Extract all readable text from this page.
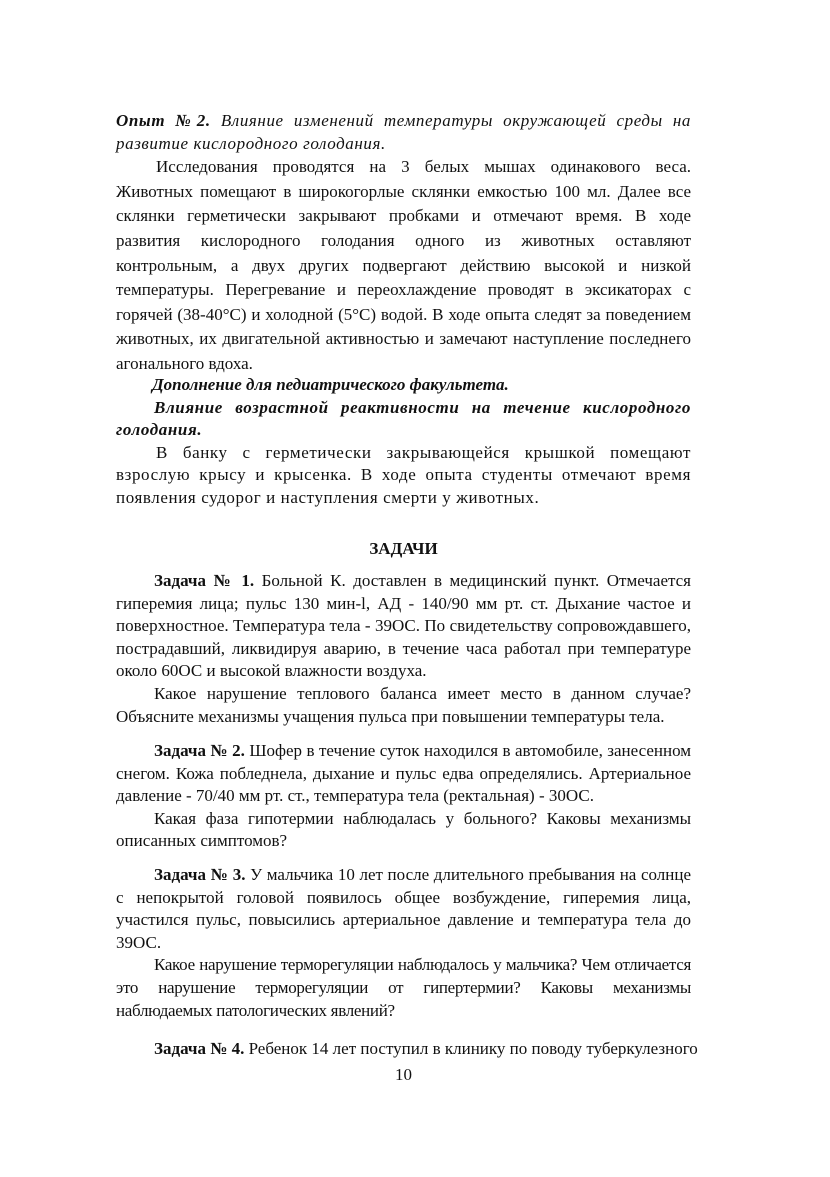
Опыт №2. Влияние изменений температуры окружающей среды на развитие кислородного голодания.

Исследования проводятся на 3 белых мышах одинакового веса. Животных помещают в широкогорлые склянки емкостью 100 мл. Далее все склянки герметически закрывают пробками и отмечают время. В ходе развития кислородного голодания одного из животных оставляют контрольным, а двух других подвергают действию высокой и низкой температуры. Перегревание и переохлаждение проводят в эксикаторах с горячей (38-40°С) и холодной (5°С) водой. В ходе опыта следят за поведением животных, их двигательной активностью и замечают наступление последнего агонального вдоха.

Дополнение для педиатрического факультета.

Влияние возрастной реактивности на течение кислородного голодания.

В банку с герметически закрывающейся крышкой помещают взрослую крысу и крысенка. В ходе опыта студенты отмечают время появления судорог и наступления смерти у животных.

ЗАДАЧИ

Задача № 1. Больной К. доставлен в медицинский пункт. Отмечается гиперемия лица; пульс 130 мин-l, АД - 140/90 мм рт. ст. Дыхание частое и поверхностное. Температура тела - 39ОС. По свидетельству сопровождавшего, пострадавший, ликвидируя аварию, в течение часа работал при температуре около 60ОС и высокой влажности воздуха.

Какое нарушение теплового баланса имеет место в данном случае? Объясните механизмы учащения пульса при повышении температуры тела.

Задача № 2. Шофер в течение суток находился в автомобиле, занесенном снегом. Кожа побледнела, дыхание и пульс едва определялись. Артериальное давление - 70/40 мм рт. ст., температура тела (ректальная) - 30ОС.

Какая фаза гипотермии наблюдалась у больного? Каковы механизмы описанных симптомов?

Задача № 3. У мальчика 10 лет после длительного пребывания на солнце с непокрытой головой появилось общее возбуждение, гиперемия лица, участился пульс, повысились артериальное давление и температура тела до 39ОС.

Какое нарушение терморегуляции наблюдалось у мальчика? Чем отличается это нарушение терморегуляции от гипертермии? Каковы механизмы наблюдаемых патологических явлений?

Задача № 4. Ребенок 14 лет поступил в клинику по поводу туберкулезного

10
